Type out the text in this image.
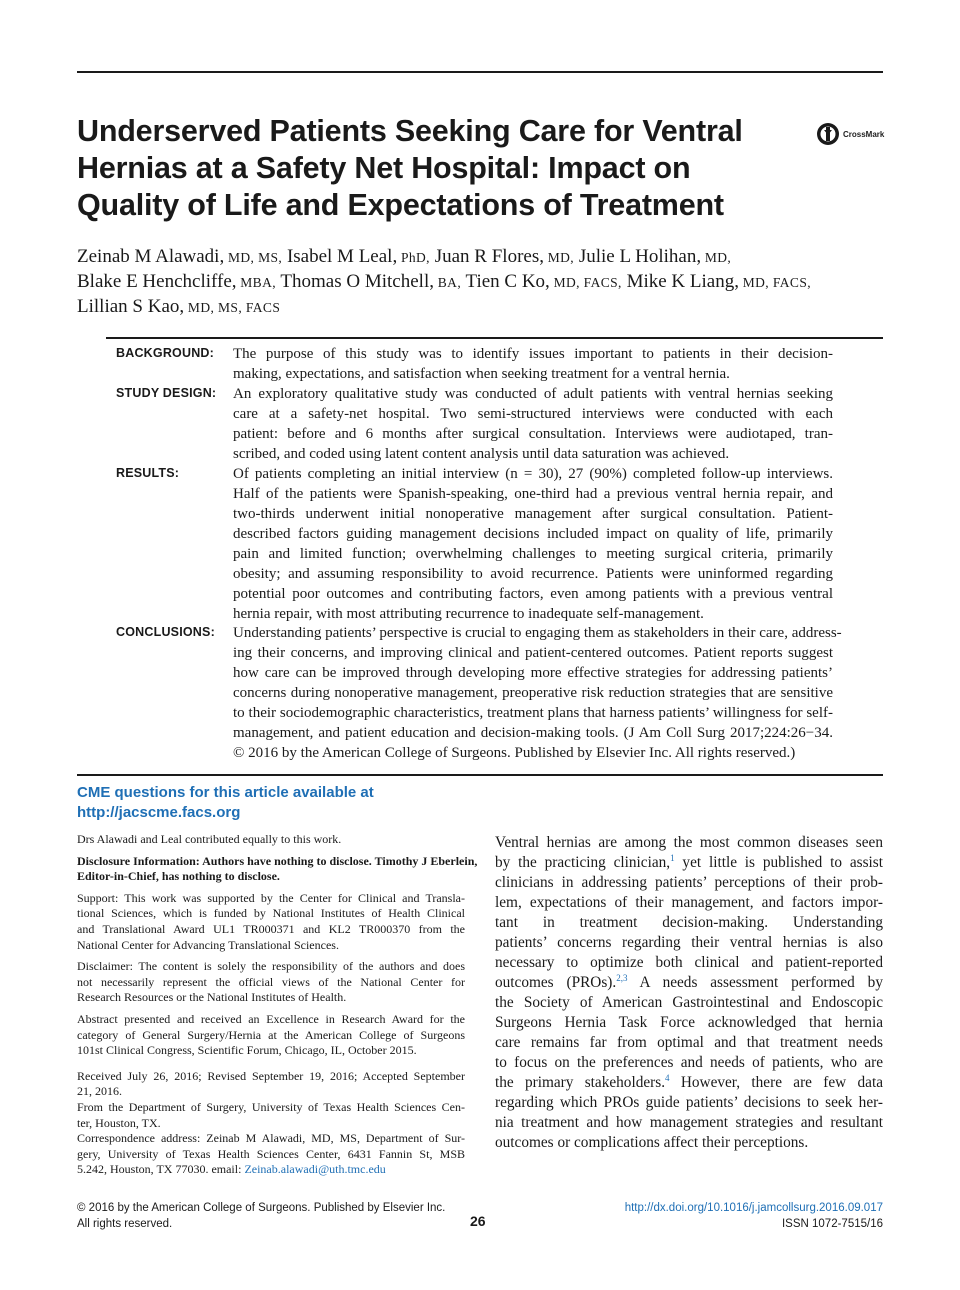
Underserved Patients Seeking Care for Ventral
Hernias at a Safety Net Hospital: Impact on
Quality of Life and Expectations of Treatment
CrossMark
Zeinab M Alawadi, MD, MS, Isabel M Leal, PhD, Juan R Flores, MD, Julie L Holihan, MD,
Blake E Henchcliffe, MBA, Thomas O Mitchell, BA, Tien C Ko, MD, FACS, Mike K Liang, MD, FACS,
Lillian S Kao, MD, MS, FACS
BACKGROUND: The purpose of this study was to identify issues important to patients in their decision-
making, expectations, and satisfaction when seeking treatment for a ventral hernia.
STUDY DESIGN: An exploratory qualitative study was conducted of adult patients with ventral hernias seeking
care at a safety-net hospital. Two semi-structured interviews were conducted with each
patient: before and 6 months after surgical consultation. Interviews were audiotaped, tran-
scribed, and coded using latent content analysis until data saturation was achieved.
RESULTS:	Of patients completing an initial interview (n = 30), 27 (90%) completed follow-up interviews.
Half of the patients were Spanish-speaking, one-third had a previous ventral hernia repair, and
two-thirds underwent initial nonoperative management after surgical consultation. Patient-
described factors guiding management decisions included impact on quality of life, primarily
pain and limited function; overwhelming challenges to meeting surgical criteria, primarily
obesity; and assuming responsibility to avoid recurrence. Patients were uninformed regarding
potential poor outcomes and contributing factors, even among patients with a previous ventral
hernia repair, with most attributing recurrence to inadequate self-management.
CONCLUSIONS: Understanding patients’ perspective is crucial to engaging them as stakeholders in their care, address-
ing their concerns, and improving clinical and patient-centered outcomes. Patient reports suggest
how care can be improved through developing more effective strategies for addressing patients’
concerns during nonoperative management, preoperative risk reduction strategies that are sensitive
to their sociodemographic characteristics, treatment plans that harness patients’ willingness for self-
management, and patient education and decision-making tools. (J Am Coll Surg 2017;224:26−34.
© 2016 by the American College of Surgeons. Published by Elsevier Inc. All rights reserved.)
CME questions for this article available at
http://jacscme.facs.org
Drs Alawadi and Leal contributed equally to this work.
Disclosure Information: Authors have nothing to disclose. Timothy J Eberlein,
Editor-in-Chief, has nothing to disclose.
Support: This work was supported by the Center for Clinical and Transla-
tional Sciences, which is funded by National Institutes of Health Clinical
and Translational Award UL1 TR000371 and KL2 TR000370 from the
National Center for Advancing Translational Sciences.
Disclaimer: The content is solely the responsibility of the authors and does
not necessarily represent the official views of the National Center for
Research Resources or the National Institutes of Health.
Abstract presented and received an Excellence in Research Award for the
category of General Surgery/Hernia at the American College of Surgeons
101st Clinical Congress, Scientific Forum, Chicago, IL, October 2015.
Received July 26, 2016; Revised September 19, 2016; Accepted September
21, 2016.
From the Department of Surgery, University of Texas Health Sciences Cen-
ter, Houston, TX.
Correspondence address: Zeinab M Alawadi, MD, MS, Department of Sur-
gery, University of Texas Health Sciences Center, 6431 Fannin St, MSB
5.242, Houston, TX 77030. email: Zeinab.alawadi@uth.tmc.edu
Ventral hernias are among the most common diseases seen
by the practicing clinician,$^1$ yet little is published to assist
clinicians in addressing patients’ perceptions of their prob-
lem, expectations of their management, and factors impor-
tant in treatment decision-making. Understanding
patients’ concerns regarding their ventral hernias is also
necessary to optimize both clinical and patient-reported
outcomes (PROs).$^{2,3}$ A needs assessment performed by
the Society of American Gastrointestinal and Endoscopic
Surgeons Hernia Task Force acknowledged that hernia
care remains far from optimal and that treatment needs
to focus on the preferences and needs of patients, who are
the primary stakeholders.$^4$ However, there are few data
regarding which PROs guide patients’ decisions to seek her-
nia treatment and how management strategies and resultant
outcomes or complications affect their perceptions.
© 2016 by the American College of Surgeons. Published by Elsevier Inc.
All rights reserved.	26
http://dx.doi.org/10.1016/j.jamcollsurg.2016.09.017
ISSN 1072-7515/16
